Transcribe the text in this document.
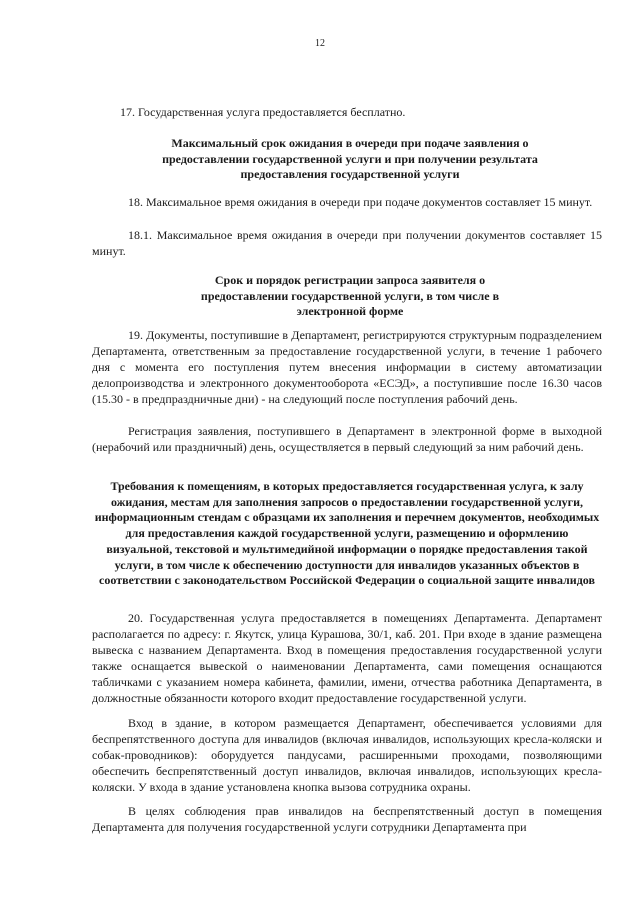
12
17. Государственная услуга предоставляется бесплатно.
Максимальный срок ожидания в очереди при подаче заявления о предоставлении государственной услуги и при получении результата предоставления государственной услуги
18. Максимальное время ожидания в очереди при подаче документов составляет 15 минут.
18.1. Максимальное время ожидания в очереди при получении документов составляет 15 минут.
Срок и порядок регистрации запроса заявителя о предоставлении государственной услуги, в том числе в электронной форме
19. Документы, поступившие в Департамент, регистрируются структурным подразделением Департамента, ответственным за предоставление государственной услуги, в течение 1 рабочего дня с момента его поступления путем внесения информации в систему автоматизации делопроизводства и электронного документооборота «ЕСЭД», а поступившие после 16.30 часов (15.30 - в предпраздничные дни) - на следующий после поступления рабочий день.
Регистрация заявления, поступившего в Департамент в электронной форме в выходной (нерабочий или праздничный) день, осуществляется в первый следующий за ним рабочий день.
Требования к помещениям, в которых предоставляется государственная услуга, к залу ожидания, местам для заполнения запросов о предоставлении государственной услуги, информационным стендам с образцами их заполнения и перечнем документов, необходимых для предоставления каждой государственной услуги, размещению и оформлению визуальной, текстовой и мультимедийной информации о порядке предоставления такой услуги, в том числе к обеспечению доступности для инвалидов указанных объектов в соответствии с законодательством Российской Федерации о социальной защите инвалидов
20. Государственная услуга предоставляется в помещениях Департамента. Департамент располагается по адресу: г. Якутск, улица Курашова, 30/1, каб. 201. При входе в здание размещена вывеска с названием Департамента. Вход в помещения предоставления государственной услуги также оснащается вывеской о наименовании Департамента, сами помещения оснащаются табличками с указанием номера кабинета, фамилии, имени, отчества работника Департамента, в должностные обязанности которого входит предоставление государственной услуги.
Вход в здание, в котором размещается Департамент, обеспечивается условиями для беспрепятственного доступа для инвалидов (включая инвалидов, использующих кресла-коляски и собак-проводников): оборудуется пандусами, расширенными проходами, позволяющими обеспечить беспрепятственный доступ инвалидов, включая инвалидов, использующих кресла-коляски. У входа в здание установлена кнопка вызова сотрудника охраны.
В целях соблюдения прав инвалидов на беспрепятственный доступ в помещения Департамента для получения государственной услуги сотрудники Департамента при
